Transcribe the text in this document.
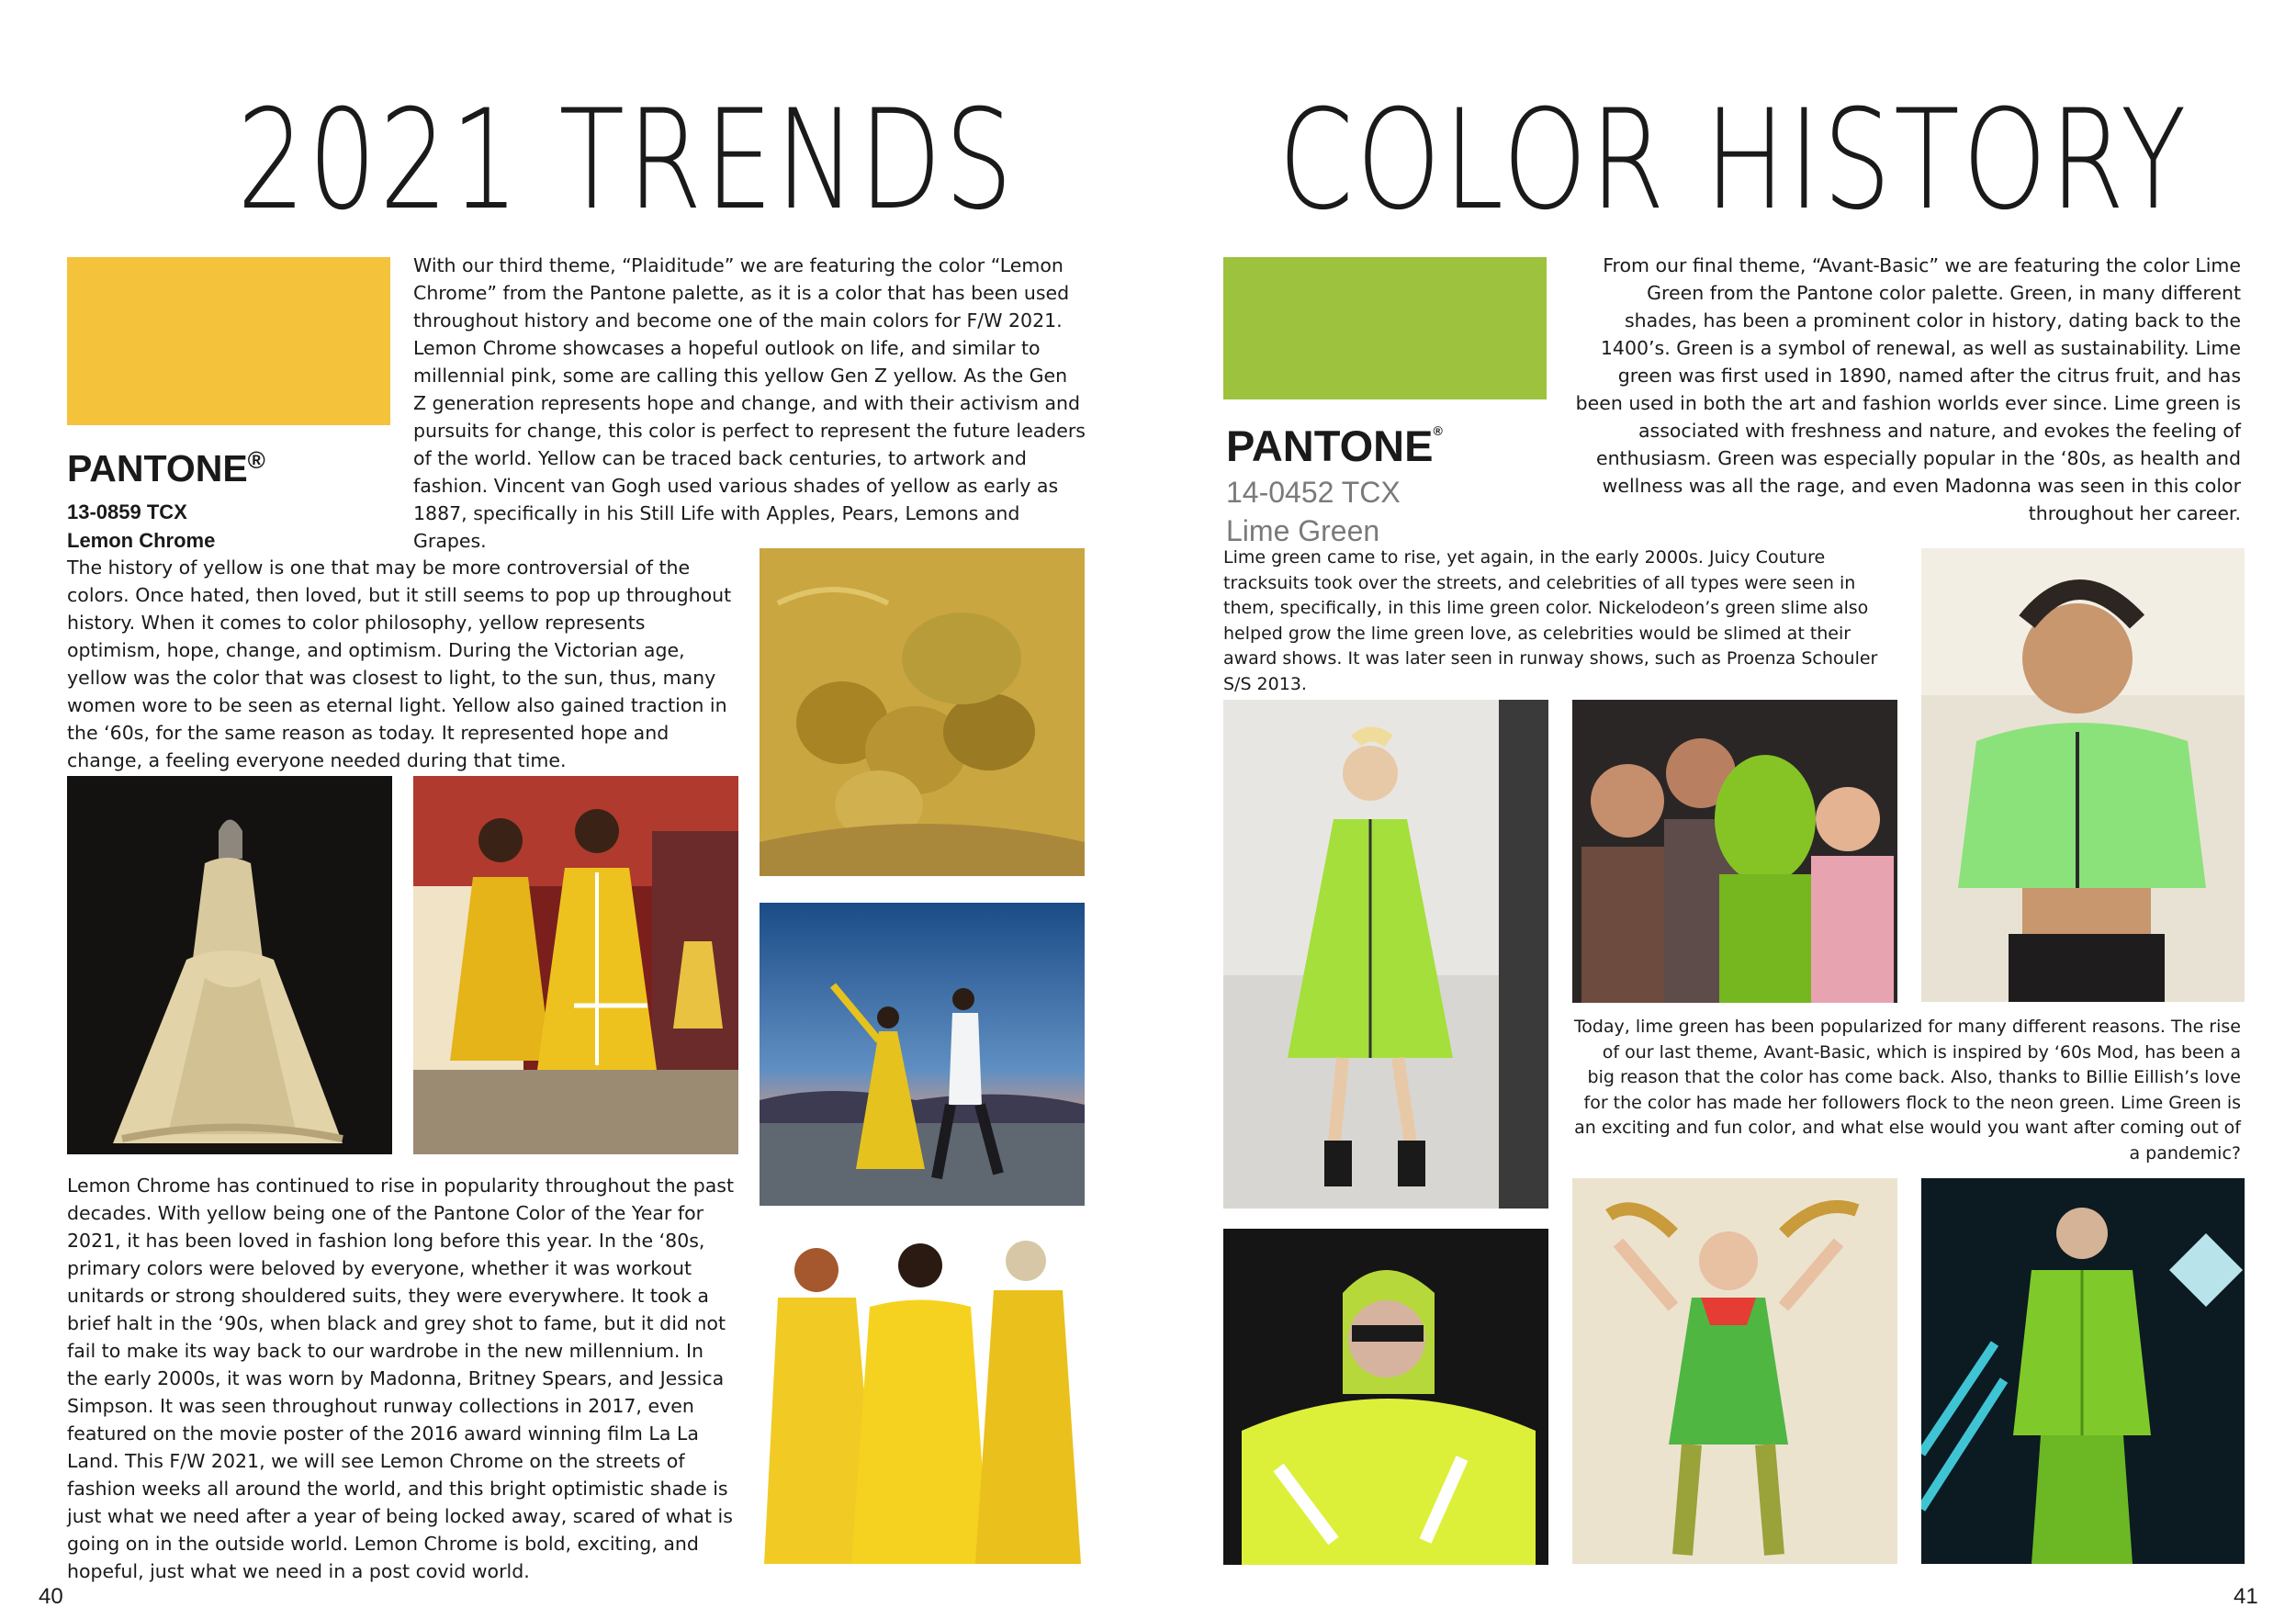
2021 TRENDS

PANTONE®

13-0859 TCX

Lemon Chrome

With our third theme, “Plaiditude” we are featuring the color “Lemon Chrome” from the Pantone palette, as it is a color that has been used throughout history and become one of the main colors for F/W 2021. Lemon Chrome showcases a hopeful outlook on life, and similar to millennial pink, some are calling this yellow Gen Z yellow. As the Gen Z generation represents hope and change, and with their activism and pursuits for change, this color is perfect to represent the future leaders of the world. Yellow can be traced back centuries, to artwork and fashion. Vincent van Gogh used various shades of yellow as early as 1887, specifically in his Still Life with Apples, Pears, Lemons and Grapes.

The history of yellow is one that may be more controversial of the colors. Once hated, then loved, but it still seems to pop up throughout history. When it comes to color philosophy, yellow represents optimism, hope, change, and optimism. During the Victorian age, yellow was the color that was closest to light, to the sun, thus, many women wore to be seen as eternal light. Yellow also gained traction in the ‘60s, for the same reason as today. It represented hope and change, a feeling everyone needed during that time.

Lemon Chrome has continued to rise in popularity throughout the past decades. With yellow being one of the Pantone Color of the Year for 2021, it has been loved in fashion long before this year. In the ‘80s, primary colors were beloved by everyone, whether it was workout unitards or strong shouldered suits, they were everywhere. It took a brief halt in the ‘90s, when black and grey shot to fame, but it did not fail to make its way back to our wardrobe in the new millennium. In the early 2000s, it was worn by Madonna, Britney Spears, and Jessica Simpson. It was seen throughout runway collections in 2017, even featured on the movie poster of the 2016 award winning film La La Land. This F/W 2021, we will see Lemon Chrome on the streets of fashion weeks all around the world, and this bright optimistic shade is just what we need after a year of being locked away, scared of what is going on in the outside world. Lemon Chrome is bold, exciting, and hopeful, just what we need in a post covid world.

40
COLOR HISTORY

PANTONE®

14-0452 TCX

Lime Green

From our final theme, “Avant-Basic” we are featuring the color Lime Green from the Pantone color palette. Green, in many different shades, has been a prominent color in history, dating back to the 1400’s. Green is a symbol of renewal, as well as sustainability. Lime green was first used in 1890, named after the citrus fruit, and has been used in both the art and fashion worlds ever since. Lime green is associated with freshness and nature, and evokes the feeling of enthusiasm. Green was especially popular in the ‘80s, as health and wellness was all the rage, and even Madonna was seen in this color throughout her career.

Lime green came to rise, yet again, in the early 2000s. Juicy Couture tracksuits took over the streets, and celebrities of all types were seen in them, specifically, in this lime green color. Nickelodeon’s green slime also helped grow the lime green love, as celebrities would be slimed at their award shows. It was later seen in runway shows, such as Proenza Schouler S/S 2013.

Today, lime green has been popularized for many different reasons. The rise of our last theme, Avant-Basic, which is inspired by ‘60s Mod, has been a big reason that the color has come back. Also, thanks to Billie Eillish’s love for the color has made her followers flock to the neon green. Lime Green is an exciting and fun color, and what else would you want after coming out of a pandemic?

41
